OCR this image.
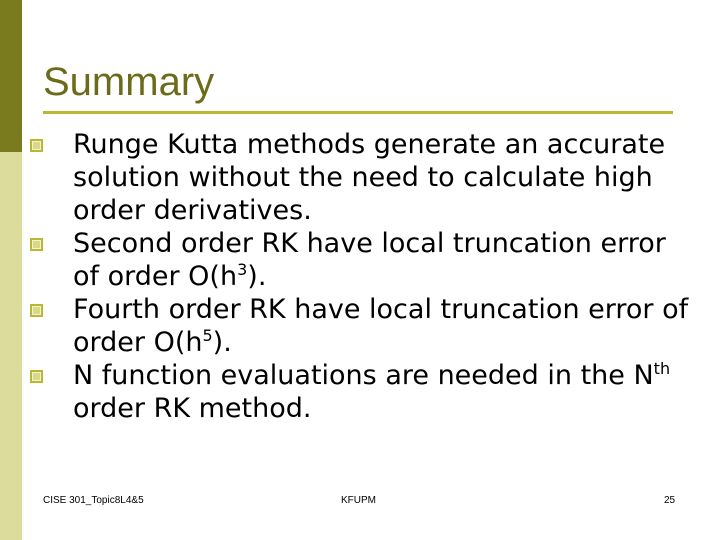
Summary
Runge Kutta methods generate an accurate solution without the need to calculate high order derivatives.
Second order RK have local truncation error of order $O(h^3)$.
Fourth order RK have local truncation error of order $O(h^5)$.
N function evaluations are needed in the $N^{th}$ order RK method.
CISE 301_Topic8L4&5	KFUPM	25
